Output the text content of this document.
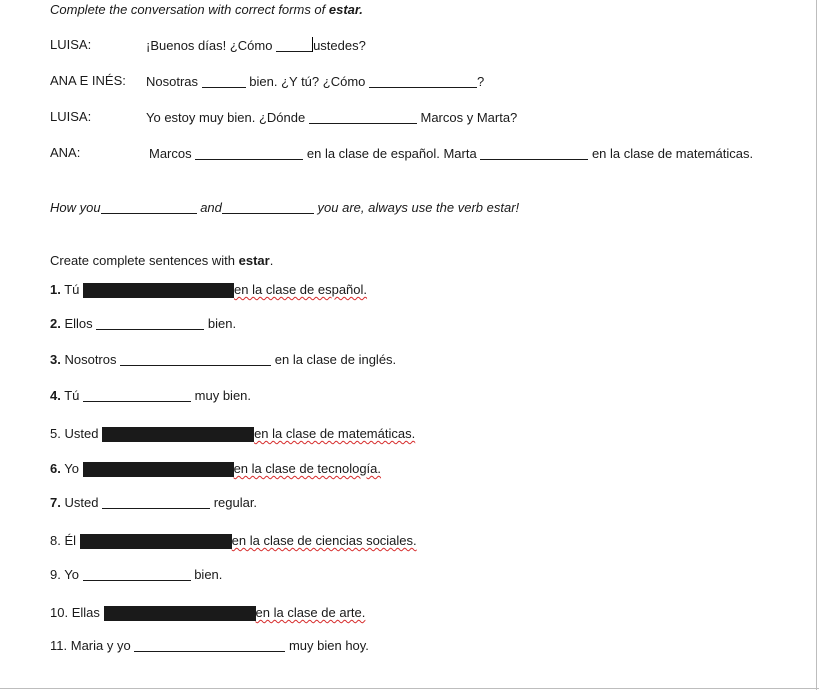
Complete the conversation with correct forms of estar.
LUISA:	¡Buenos días! ¿Cómo	ustedes?
ANA E INÉS: Nosotras	bien. ¿Y tú? ¿Cómo	?
LUISA:	Yo estoy muy bien. ¿Dónde	Marcos y Marta?
ANA:	Marcos	en la clase de español. Marta	en la clase de matemáticas.
How you	and	you are, always use the verb estar!
Create complete sentences with estar.
1. Tú	en la clase de español.
2. Ellos	bien.
3. Nosotros	en la clase de inglés.
4. Tú	muy bien.
5. Usted	en la clase de matemáticas.
6. Yo	en la clase de tecnología.
7. Usted	regular.
8. Él	en la clase de ciencias sociales.
9. Yo	bien.
10. Ellas	en la clase de arte.
11. Maria y yo	muy bien hoy.
